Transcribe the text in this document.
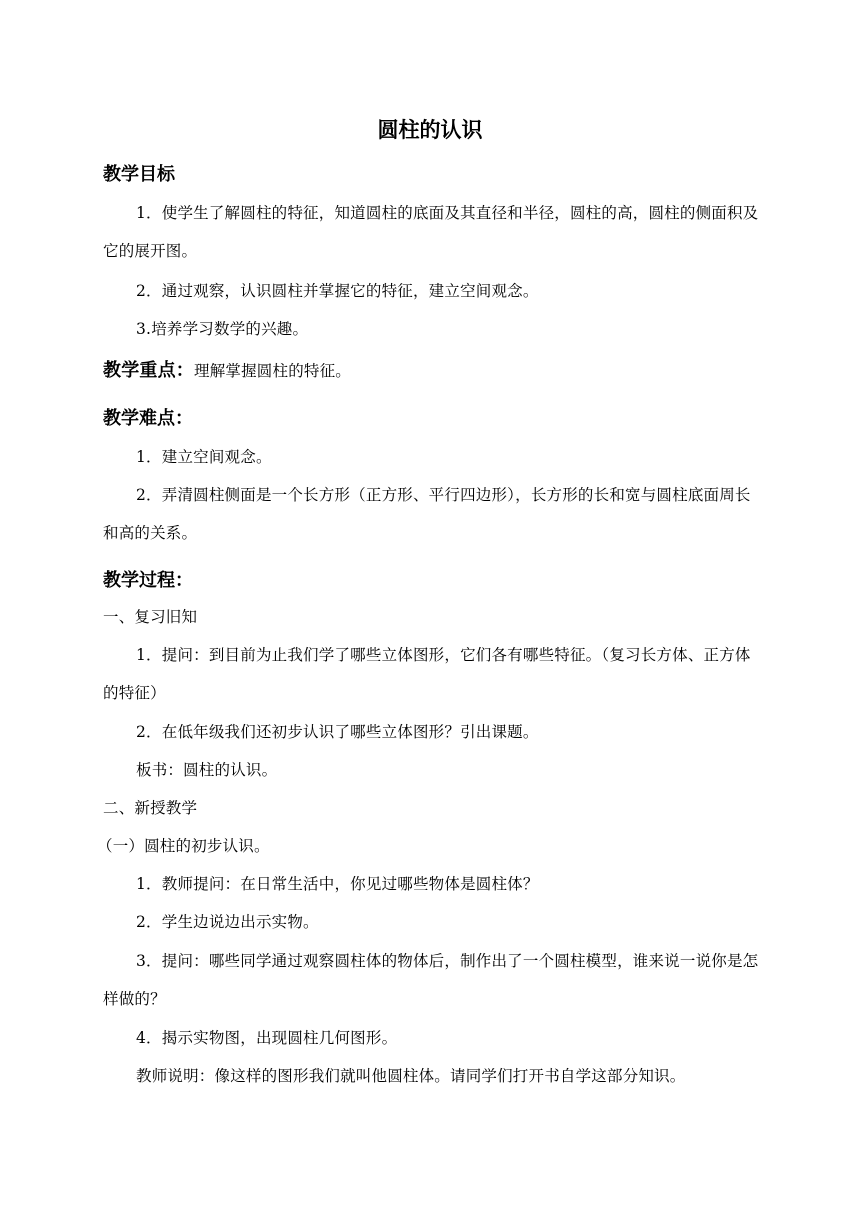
圆柱的认识
教学目标
1．使学生了解圆柱的特征，知道圆柱的底面及其直径和半径，圆柱的高，圆柱的侧面积及它的展开图。
2．通过观察，认识圆柱并掌握它的特征，建立空间观念。
3.培养学习数学的兴趣。
教学重点：理解掌握圆柱的特征。
教学难点：
1．建立空间观念。
2．弄清圆柱侧面是一个长方形（正方形、平行四边形），长方形的长和宽与圆柱底面周长和高的关系。
教学过程：
一、复习旧知
1．提问：到目前为止我们学了哪些立体图形，它们各有哪些特征。（复习长方体、正方体的特征）
2．在低年级我们还初步认识了哪些立体图形？引出课题。
板书：圆柱的认识。
二、新授教学
（一）圆柱的初步认识。
1．教师提问：在日常生活中，你见过哪些物体是圆柱体？
2．学生边说边出示实物。
3．提问：哪些同学通过观察圆柱体的物体后，制作出了一个圆柱模型，谁来说一说你是怎样做的？
4．揭示实物图，出现圆柱几何图形。
教师说明：像这样的图形我们就叫他圆柱体。请同学们打开书自学这部分知识。
